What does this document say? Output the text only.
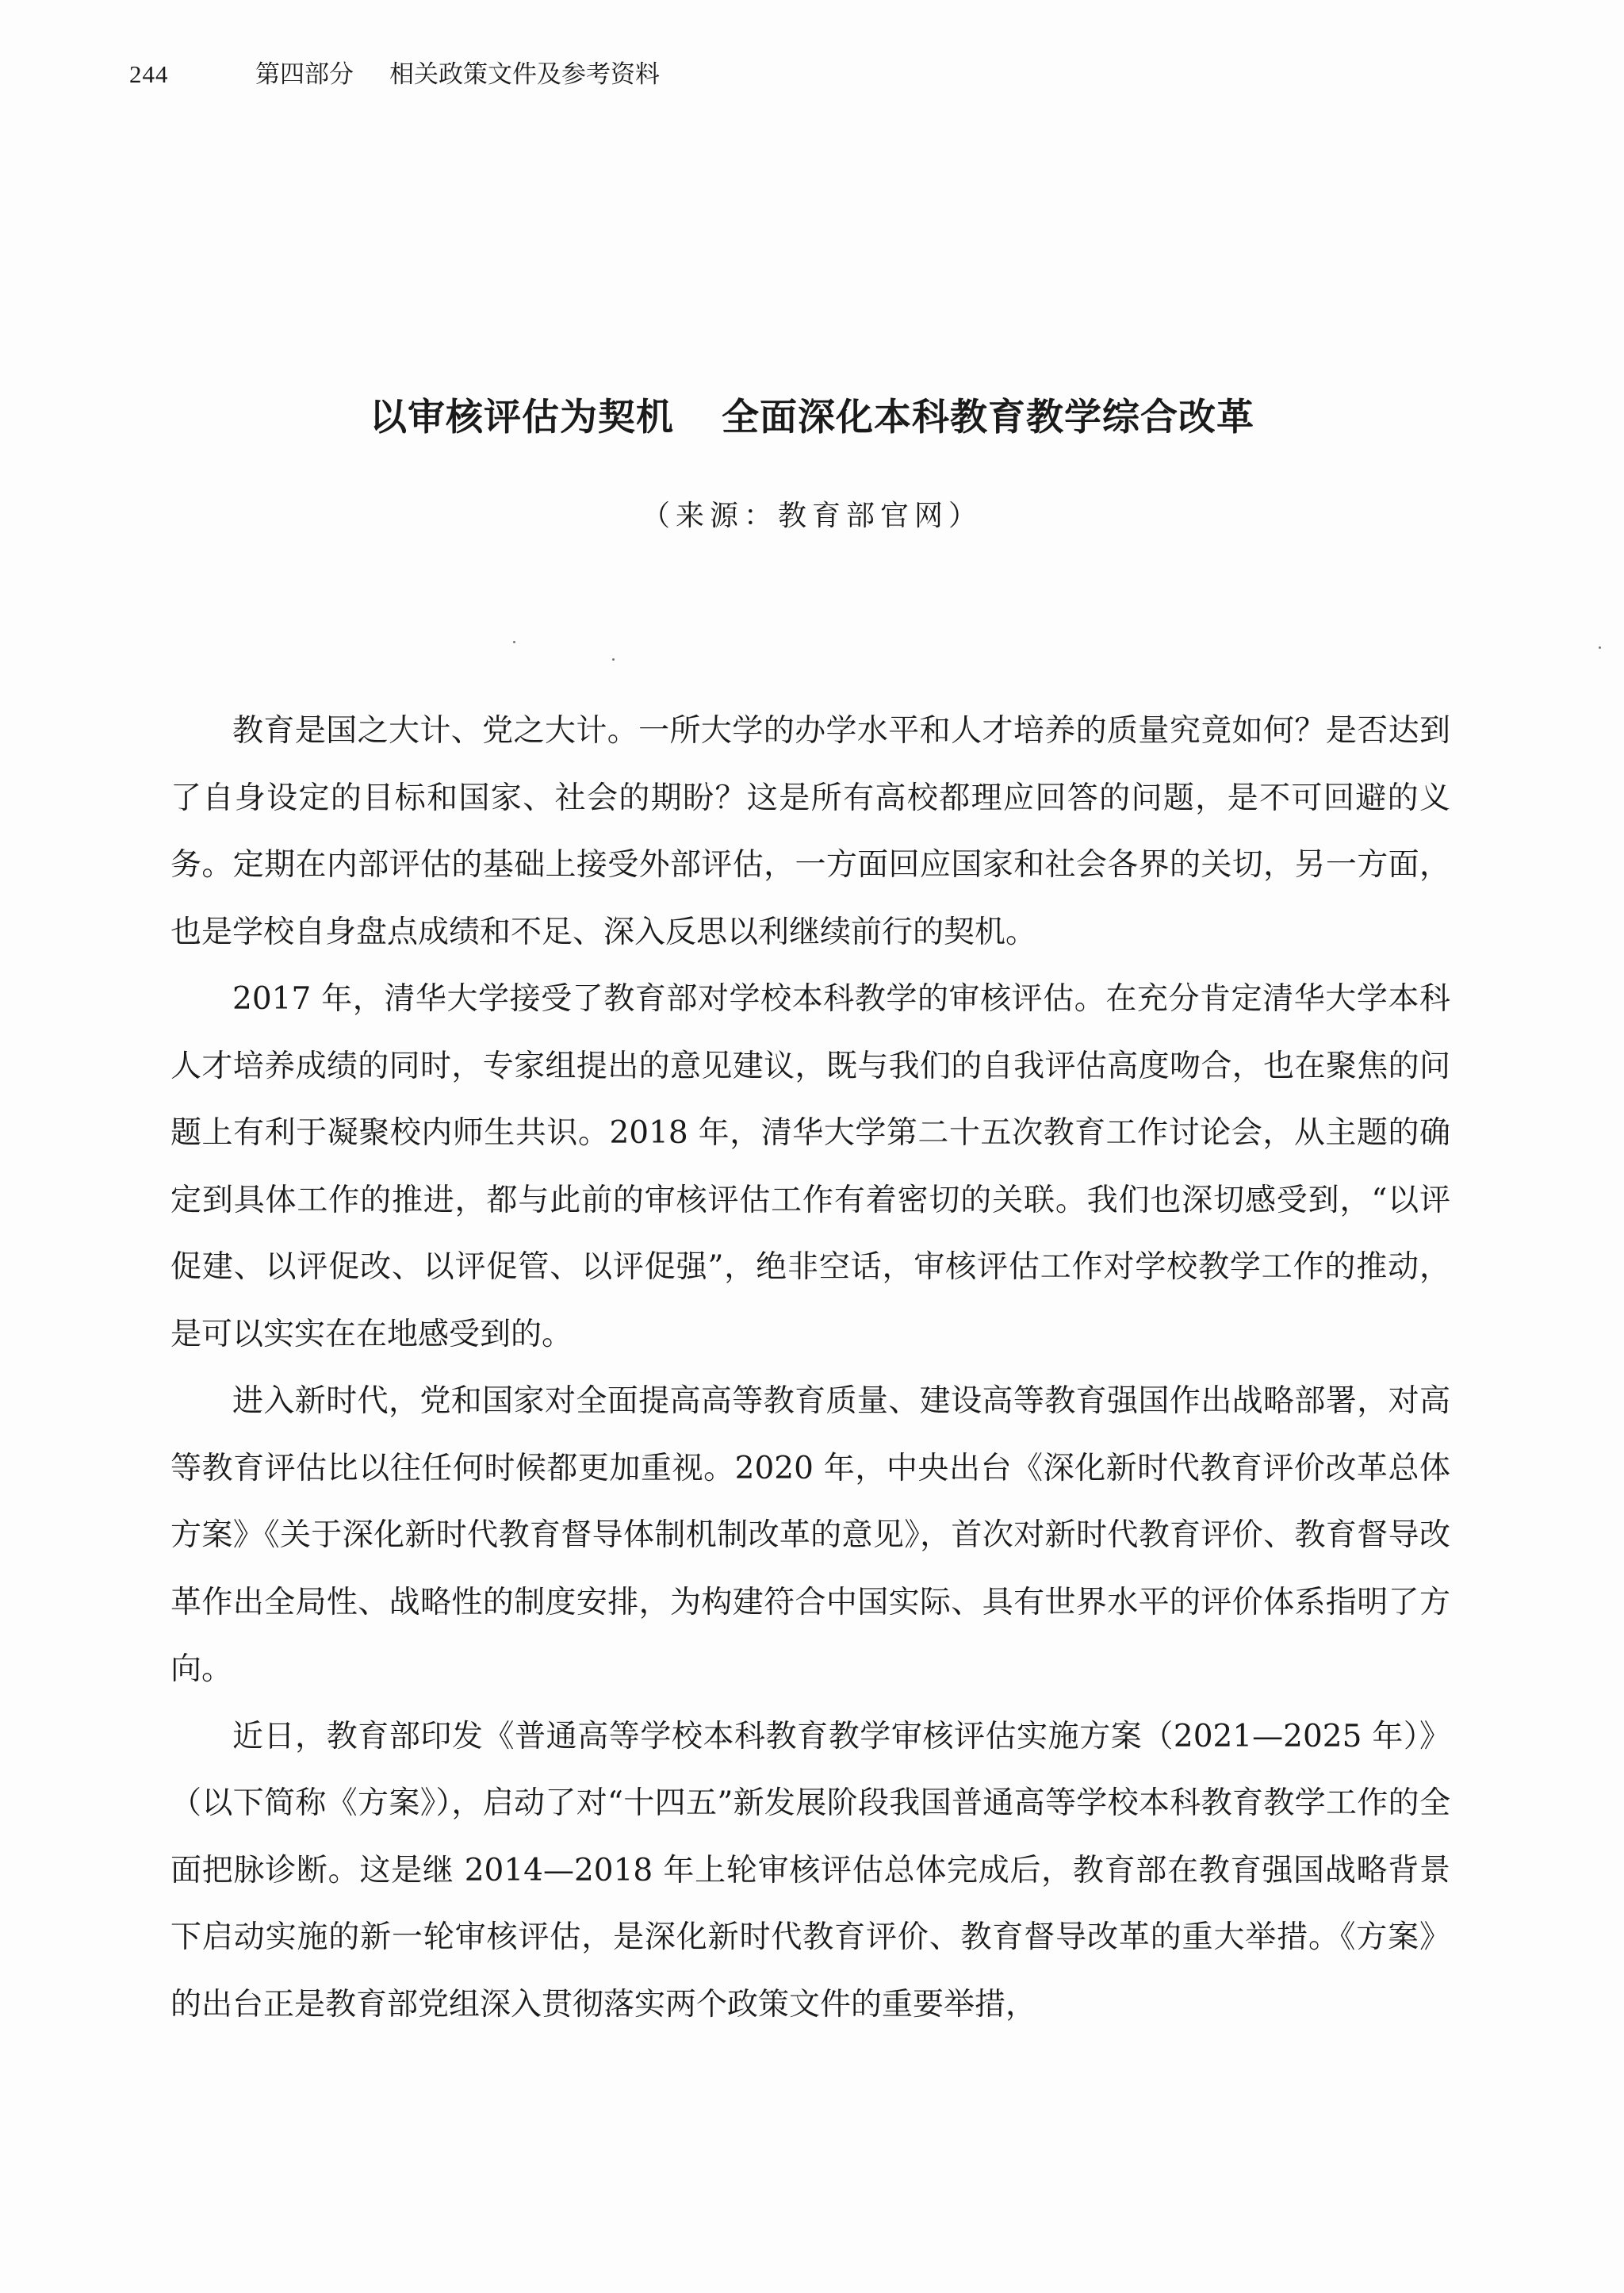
244	第四部分 相关政策文件及参考资料
以审核评估为契机 全面深化本科教育教学综合改革
（来源：教育部官网）

教育是国之大计、党之大计。一所大学的办学水平和人才培养的质量究竟如何？是否达到了自身设定的目标和国家、社会的期盼？这是所有高校都理应回答的问题，是不可回避的义务。定期在内部评估的基础上接受外部评估，一方面回应国家和社会各界的关切，另一方面，也是学校自身盘点成绩和不足、深入反思以利继续前行的契机。

2017 年，清华大学接受了教育部对学校本科教学的审核评估。在充分肯定清华大学本科人才培养成绩的同时，专家组提出的意见建议，既与我们的自我评估高度吻合，也在聚焦的问题上有利于凝聚校内师生共识。2018 年，清华大学第二十五次教育工作讨论会，从主题的确定到具体工作的推进，都与此前的审核评估工作有着密切的关联。我们也深切感受到，“以评促建、以评促改、以评促管、以评促强”，绝非空话，审核评估工作对学校教学工作的推动，是可以实实在在地感受到的。

进入新时代，党和国家对全面提高高等教育质量、建设高等教育强国作出战略部署，对高等教育评估比以往任何时候都更加重视。2020 年，中央出台《深化新时代教育评价改革总体方案》《关于深化新时代教育督导体制机制改革的意见》，首次对新时代教育评价、教育督导改革作出全局性、战略性的制度安排，为构建符合中国实际、具有世界水平的评价体系指明了方向。

近日，教育部印发《普通高等学校本科教育教学审核评估实施方案（2021—2025 年）》（以下简称《方案》），启动了对“十四五”新发展阶段我国普通高等学校本科教育教学工作的全面把脉诊断。这是继 2014—2018 年上轮审核评估总体完成后，教育部在教育强国战略背景下启动实施的新一轮审核评估，是深化新时代教育评价、教育督导改革的重大举措。《方案》的出台正是教育部党组深入贯彻落实两个政策文件的重要举措，
